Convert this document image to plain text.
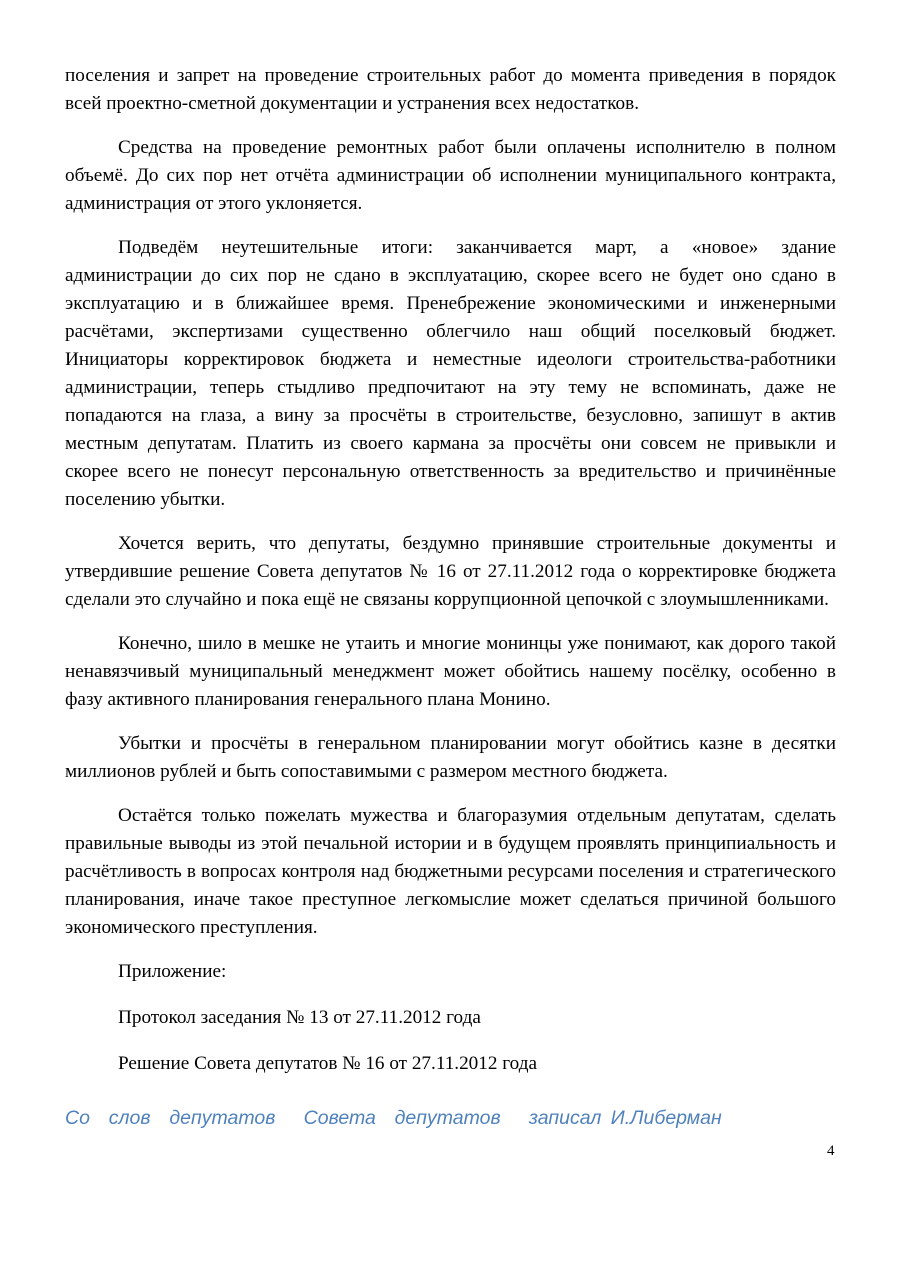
поселения и запрет на проведение строительных работ до момента приведения в порядок всей проектно-сметной документации и устранения всех недостатков.

Средства на проведение ремонтных работ были оплачены исполнителю в полном объемё. До сих пор нет отчёта администрации об исполнении муниципального контракта, администрация от этого уклоняется.

Подведём неутешительные итоги: заканчивается март, а «новое» здание администрации до сих пор не сдано в эксплуатацию, скорее всего не будет оно сдано в эксплуатацию и в ближайшее время. Пренебрежение экономическими и инженерными расчётами, экспертизами существенно облегчило наш общий поселковый бюджет. Инициаторы корректировок бюджета и неместные идеологи строительства-работники администрации, теперь стыдливо предпочитают на эту тему не вспоминать, даже не попадаются на глаза, а вину за просчёты в строительстве, безусловно, запишут в актив местным депутатам. Платить из своего кармана за просчёты они совсем не привыкли и скорее всего не понесут персональную ответственность за вредительство и причинённые поселению убытки.

Хочется верить, что депутаты, бездумно принявшие строительные документы и утвердившие решение Совета депутатов № 16 от 27.11.2012 года о корректировке бюджета сделали это случайно и пока ещё не связаны коррупционной цепочкой с злоумышленниками.

Конечно, шило в мешке не утаить и многие монинцы уже понимают, как дорого такой ненавязчивый муниципальный менеджмент может обойтись нашему посёлку, особенно в фазу активного планирования генерального плана Монино.

Убытки и просчёты в генеральном планировании могут обойтись казне в десятки миллионов рублей и быть сопоставимыми с размером местного бюджета.

Остаётся только пожелать мужества и благоразумия отдельным депутатам, сделать правильные выводы из этой печальной истории и в будущем проявлять принципиальность и расчётливость в вопросах контроля над бюджетными ресурсами поселения и стратегического планирования, иначе такое преступное легкомыслие может сделаться причиной большого экономического преступления.

Приложение:

Протокол заседания № 13 от 27.11.2012 года

Решение Совета депутатов № 16 от 27.11.2012 года

Со  слов  депутатов   Совета  депутатов   записал И.Либерман
4
